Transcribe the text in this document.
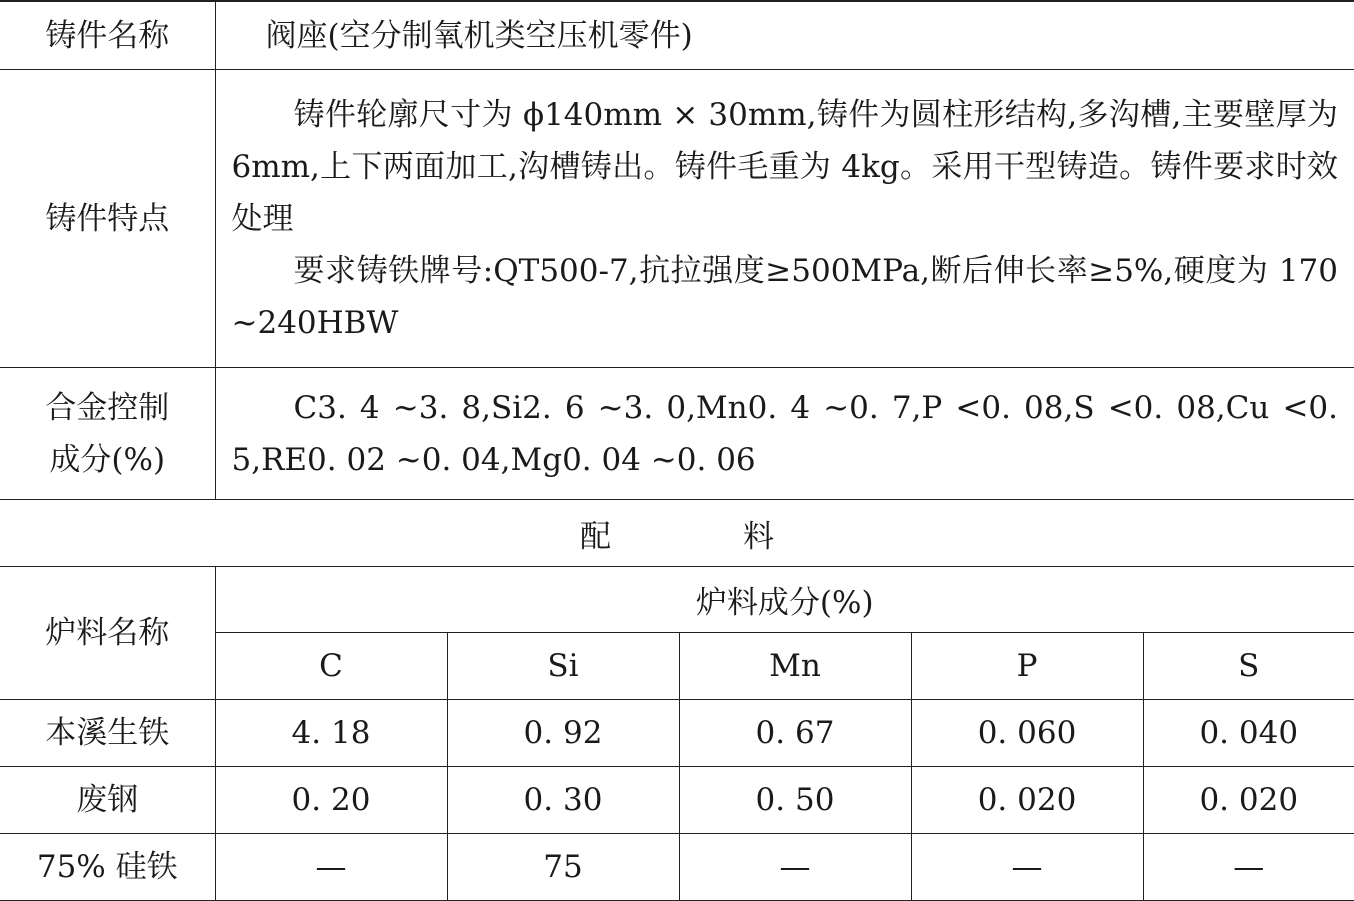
铸件名称	阀座(空分制氧机类空压机零件)				
铸件特点	铸件轮廓尺寸为 ϕ140mm × 30mm,铸件为圆柱形结构,多沟槽,主要壁厚为 6mm,上下两面加工,沟槽铸出。铸件毛重为 4kg。采用干型铸造。铸件要求时效处理
要求铸铁牌号:QT500-7,抗拉强度≥500MPa,断后伸长率≥5%,硬度为 170 ~240HBW				

合金控制
成分(%)	C3. 4 ~3. 8,Si2. 6 ~3. 0,Mn0. 4 ~0. 7,P <0. 08,S <0. 08,Cu <0. 5,RE0. 02 ~0. 04,Mg0. 04 ~0. 06				

配 料					
炉料名称	炉料成分(%)				
	C	Si	Mn	P	S
本溪生铁	4. 18	0. 92	0. 67	0. 060	0. 040
废钢	0. 20	0. 30	0. 50	0. 020	0. 020
75% 硅铁	—	75	—	—	—
